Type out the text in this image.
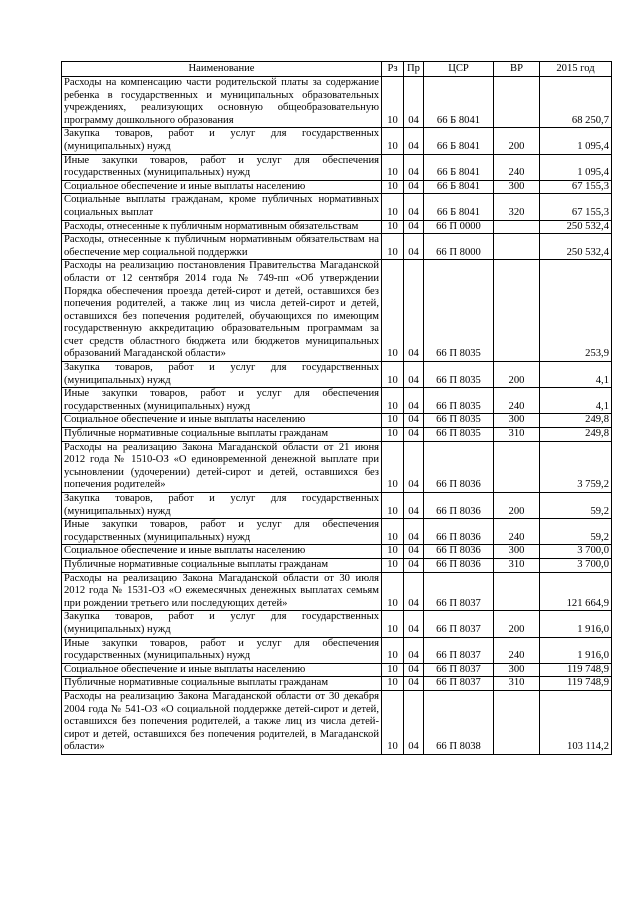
Наименование	Рз	Пр	ЦСР	ВР	2015 год
Расходы на компенсацию части родительской платы за содержание ребенка в государственных и муниципальных образовательных учреждениях, реализующих основную общеобразовательную программу дошкольного образования	10	04	66 Б 8041		68 250,7
Закупка товаров, работ и услуг для государственных (муниципальных) нужд	10	04	66 Б 8041	200	1 095,4
Иные закупки товаров, работ и услуг для обеспечения государственных (муниципальных) нужд	10	04	66 Б 8041	240	1 095,4
Социальное обеспечение и иные выплаты населению	10	04	66 Б 8041	300	67 155,3
Социальные выплаты гражданам, кроме публичных нормативных социальных выплат	10	04	66 Б 8041	320	67 155,3
Расходы, отнесенные к публичным нормативным обязательствам	10	04	66 П 0000		250 532,4
Расходы, отнесенные к публичным нормативным обязательствам на обеспечение мер социальной поддержки	10	04	66 П 8000		250 532,4
Расходы на реализацию постановления Правительства Магаданской области от 12 сентября 2014 года № 749-пп «Об утверждении Порядка обеспечения проезда детей-сирот и детей, оставшихся без попечения родителей, а также лиц из числа детей-сирот и детей, оставшихся без попечения родителей, обучающихся по имеющим государственную аккредитацию образовательным программам за счет средств областного бюджета или бюджетов муниципальных образований Магаданской области»	10	04	66 П 8035		253,9
Закупка товаров, работ и услуг для государственных (муниципальных) нужд	10	04	66 П 8035	200	4,1
Иные закупки товаров, работ и услуг для обеспечения государственных (муниципальных) нужд	10	04	66 П 8035	240	4,1
Социальное обеспечение и иные выплаты населению	10	04	66 П 8035	300	249,8
Публичные нормативные социальные выплаты гражданам	10	04	66 П 8035	310	249,8
Расходы на реализацию Закона Магаданской области от 21 июня 2012 года № 1510-ОЗ «О единовременной денежной выплате при усыновлении (удочерении) детей-сирот и детей, оставшихся без попечения родителей»	10	04	66 П 8036		3 759,2
Закупка товаров, работ и услуг для государственных (муниципальных) нужд	10	04	66 П 8036	200	59,2
Иные закупки товаров, работ и услуг для обеспечения государственных (муниципальных) нужд	10	04	66 П 8036	240	59,2
Социальное обеспечение и иные выплаты населению	10	04	66 П 8036	300	3 700,0
Публичные нормативные социальные выплаты гражданам	10	04	66 П 8036	310	3 700,0
Расходы на реализацию Закона Магаданской области от 30 июля 2012 года № 1531-ОЗ «О ежемесячных денежных выплатах семьям при рождении третьего или последующих детей»	10	04	66 П 8037		121 664,9
Закупка товаров, работ и услуг для государственных (муниципальных) нужд	10	04	66 П 8037	200	1 916,0
Иные закупки товаров, работ и услуг для обеспечения государственных (муниципальных) нужд	10	04	66 П 8037	240	1 916,0
Социальное обеспечение и иные выплаты населению	10	04	66 П 8037	300	119 748,9
Публичные нормативные социальные выплаты гражданам	10	04	66 П 8037	310	119 748,9
Расходы на реализацию Закона Магаданской области от 30 декабря 2004 года № 541-ОЗ «О социальной поддержке детей-сирот и детей, оставшихся без попечения родителей, а также лиц из числа детей-сирот и детей, оставшихся без попечения родителей, в Магаданской области»	10	04	66 П 8038		103 114,2
